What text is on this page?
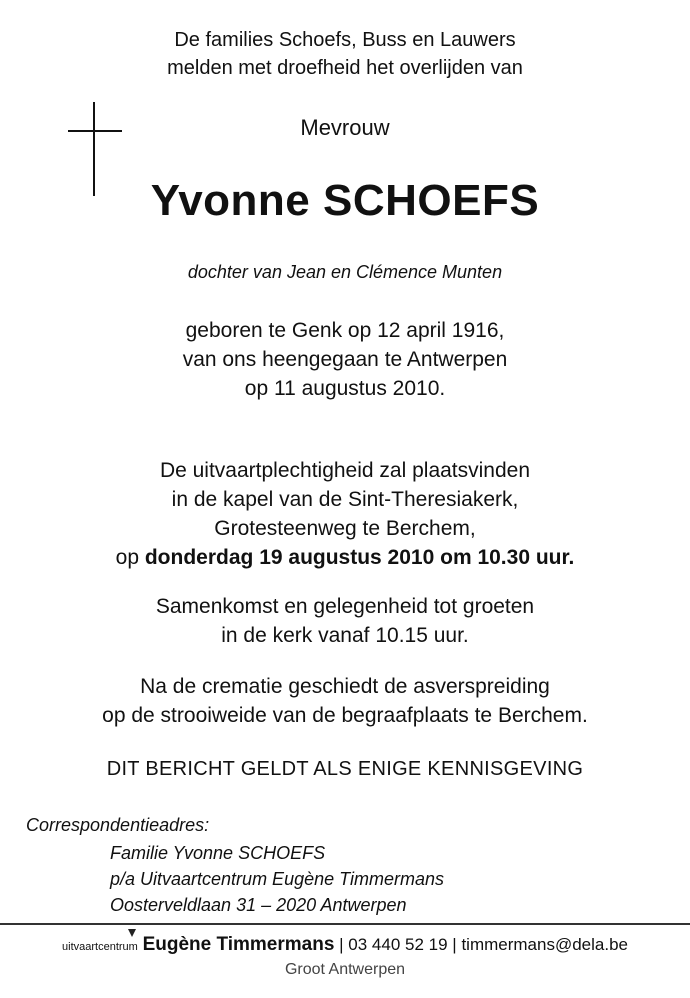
De families Schoefs, Buss en Lauwers
melden met droefheid het overlijden van
Mevrouw
Yvonne SCHOEFS
dochter van Jean en Clémence Munten
geboren te Genk op 12 april 1916,
van ons heengegaan te Antwerpen
op 11 augustus 2010.
De uitvaartplechtigheid zal plaatsvinden
in de kapel van de Sint-Theresiakerk,
Grotesteenweg te Berchem,
op donderdag 19 augustus 2010 om 10.30 uur.
Samenkomst en gelegenheid tot groeten
in de kerk vanaf 10.15 uur.
Na de crematie geschiedt de asverspreiding
op de strooiweide van de begraafplaats te Berchem.
DIT BERICHT GELDT ALS ENIGE KENNISGEVING
Correspondentieadres:
Familie Yvonne SCHOEFS
p/a Uitvaartcentrum Eugène Timmermans
Oosterveldlaan 31 – 2020 Antwerpen
uitvaartcentrum Eugène Timmermans | 03 440 52 19 | timmermans@dela.be
Groot Antwerpen
